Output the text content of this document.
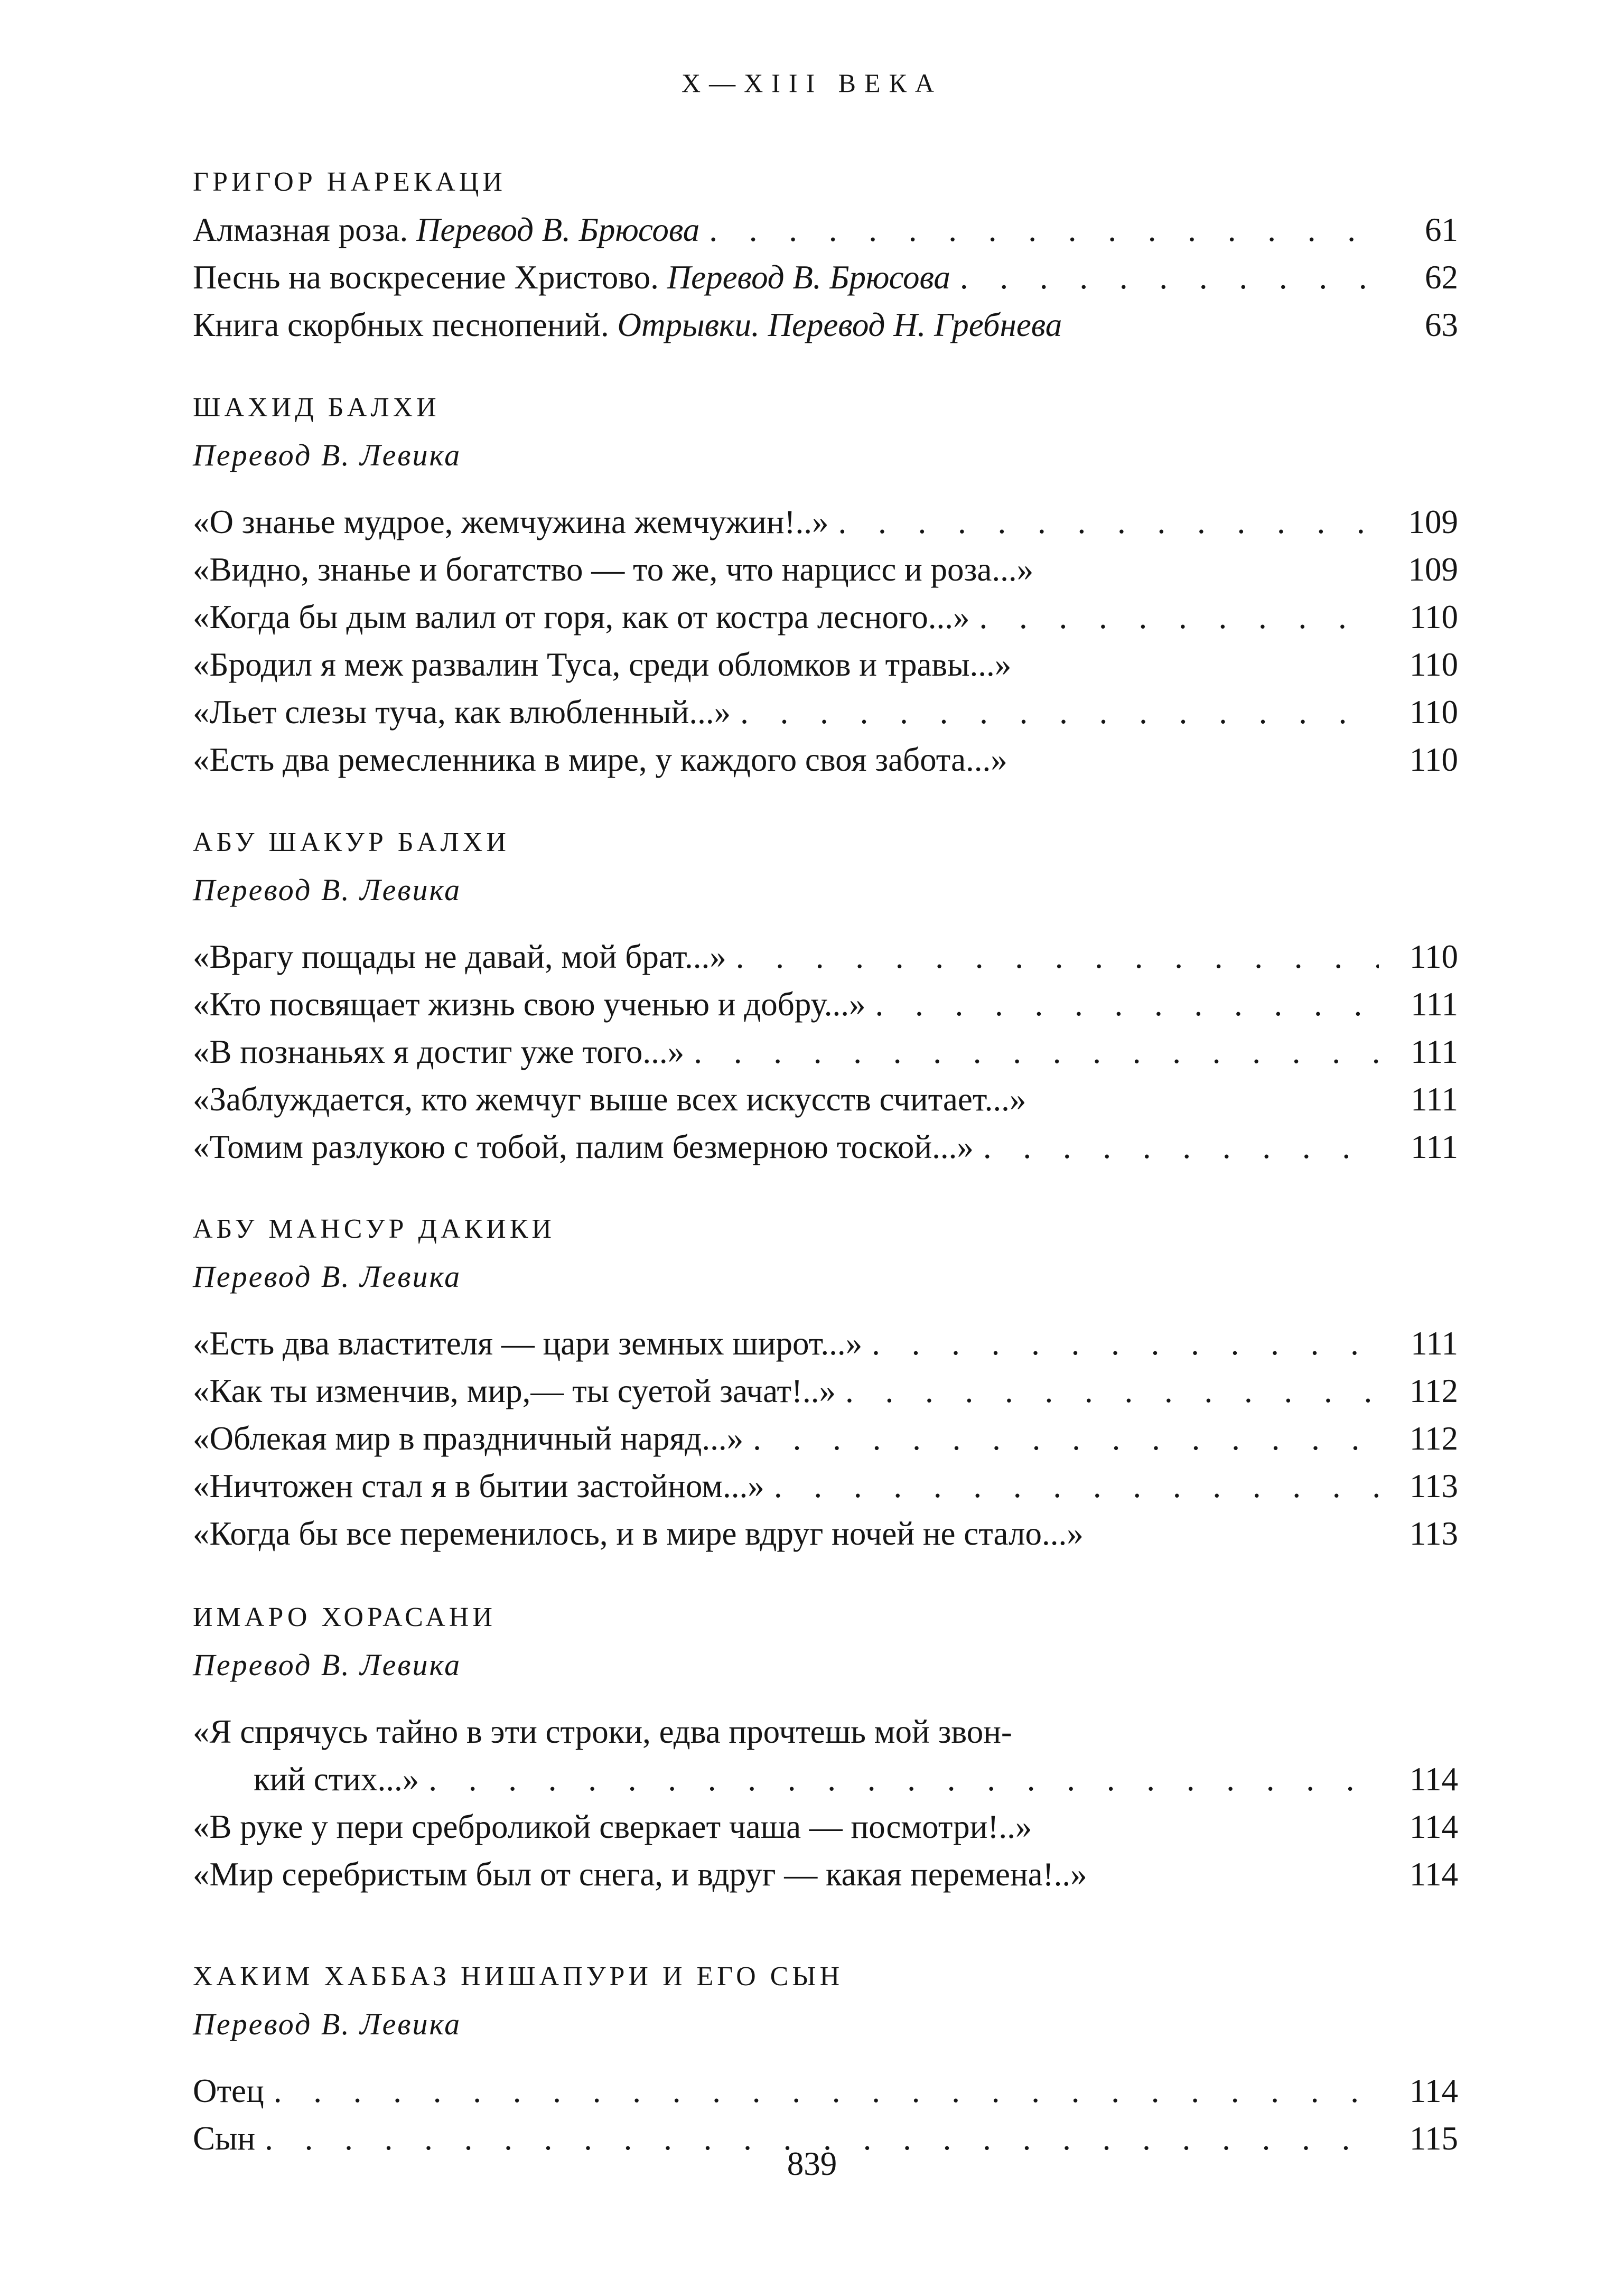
X—XIII ВЕКА
ГРИГОР НАРЕКАЦИ
Алмазная роза. Перевод В. Брюсова . . .	61
Песнь на воскресение Христово. Перевод В. Брюсова . . .	62
Книга скорбных песнопений. Отрывки. Перевод Н. Гребнева	63
ШАХИД БАЛХИ
Перевод В. Левика
«О знанье мудрое, жемчужина жемчужин!..» . . .	109
«Видно, знанье и богатство — то же, что нарцисс и роза...»	109
«Когда бы дым валил от горя, как от костра лесного...» . . .	110
«Бродил я меж развалин Туса, среди обломков и травы...»	110
«Льет слезы туча, как влюбленный...» . . .	110
«Есть два ремесленника в мире, у каждого своя забота...»	110
АБУ ШАКУР БАЛХИ
Перевод В. Левика
«Врагу пощады не давай, мой брат...» . . .	110
«Кто посвящает жизнь свою ученью и добру...» . . .	111
«В познаньях я достиг уже того...» . . .	111
«Заблуждается, кто жемчуг выше всех искусств считает...»	111
«Томим разлукою с тобой, палим безмерною тоской...» . . .	111
АБУ МАНСУР ДАКИКИ
Перевод В. Левика
«Есть два властителя — цари земных широт...» . . .	111
«Как ты изменчив, мир,— ты суетой зачат!..» . . .	112
«Облекая мир в праздничный наряд...» . . .	112
«Ничтожен стал я в бытии застойном...» . . .	113
«Когда бы все переменилось, и в мире вдруг ночей не стало...»	113
ИМАРО ХОРАСАНИ
Перевод В. Левика
«Я спрячусь тайно в эти строки, едва прочтешь мой звон-
кий стих...» . . .	114
«В руке у пери среброликой сверкает чаша — посмотри!..»	114
«Мир серебристым был от снега, и вдруг — какая перемена!..»	114
ХАКИМ ХАББАЗ НИШАПУРИ И ЕГО СЫН
Перевод В. Левика
Отец . . .	114
Сын . . .	115
839
